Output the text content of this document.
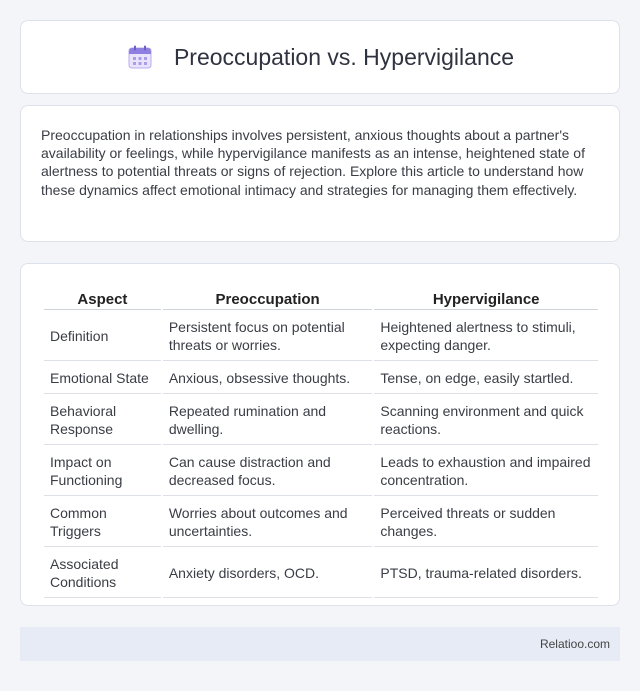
Preoccupation vs. Hypervigilance

Preoccupation in relationships involves persistent, anxious thoughts about a partner's availability or feelings, while hypervigilance manifests as an intense, heightened state of alertness to potential threats or signs of rejection. Explore this article to understand how these dynamics affect emotional intimacy and strategies for managing them effectively.

Aspect	Preoccupation	Hypervigilance
Definition	Persistent focus on potential threats or worries.	Heightened alertness to stimuli, expecting danger.
Emotional State	Anxious, obsessive thoughts.	Tense, on edge, easily startled.
Behavioral Response	Repeated rumination and dwelling.	Scanning environment and quick reactions.
Impact on Functioning	Can cause distraction and decreased focus.	Leads to exhaustion and impaired concentration.
Common Triggers	Worries about outcomes and uncertainties.	Perceived threats or sudden changes.
Associated Conditions	Anxiety disorders, OCD.	PTSD, trauma-related disorders.
Relatioo.com
